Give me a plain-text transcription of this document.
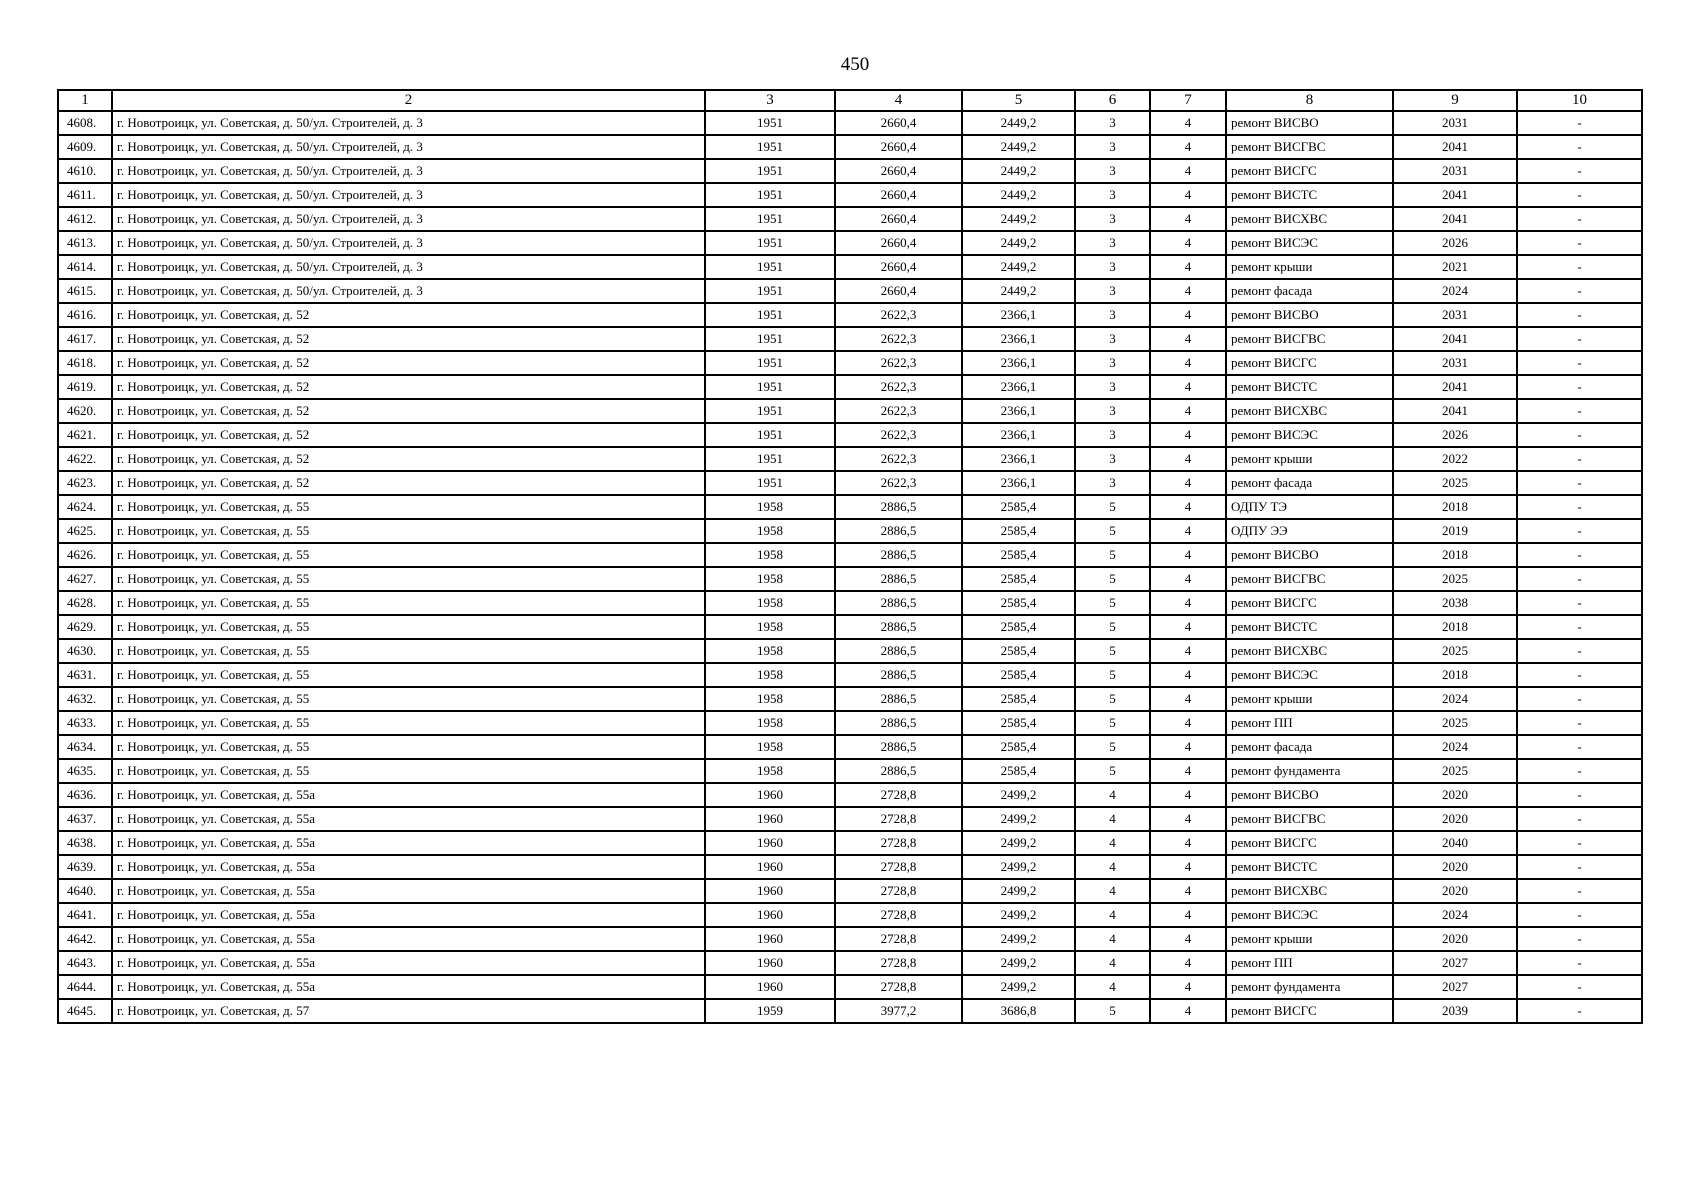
450
1	2	3	4	5	6	7	8	9	10
4608.	г. Новотроицк, ул. Советская, д. 50/ул. Строителей, д. 3	1951	2660,4	2449,2	3	4	ремонт ВИСВО	2031	-
4609.	г. Новотроицк, ул. Советская, д. 50/ул. Строителей, д. 3	1951	2660,4	2449,2	3	4	ремонт ВИСГВС	2041	-
4610.	г. Новотроицк, ул. Советская, д. 50/ул. Строителей, д. 3	1951	2660,4	2449,2	3	4	ремонт ВИСГС	2031	-
4611.	г. Новотроицк, ул. Советская, д. 50/ул. Строителей, д. 3	1951	2660,4	2449,2	3	4	ремонт ВИСТС	2041	-
4612.	г. Новотроицк, ул. Советская, д. 50/ул. Строителей, д. 3	1951	2660,4	2449,2	3	4	ремонт ВИСХВС	2041	-
4613.	г. Новотроицк, ул. Советская, д. 50/ул. Строителей, д. 3	1951	2660,4	2449,2	3	4	ремонт ВИСЭС	2026	-
4614.	г. Новотроицк, ул. Советская, д. 50/ул. Строителей, д. 3	1951	2660,4	2449,2	3	4	ремонт крыши	2021	-
4615.	г. Новотроицк, ул. Советская, д. 50/ул. Строителей, д. 3	1951	2660,4	2449,2	3	4	ремонт фасада	2024	-
4616.	г. Новотроицк, ул. Советская, д. 52	1951	2622,3	2366,1	3	4	ремонт ВИСВО	2031	-
4617.	г. Новотроицк, ул. Советская, д. 52	1951	2622,3	2366,1	3	4	ремонт ВИСГВС	2041	-
4618.	г. Новотроицк, ул. Советская, д. 52	1951	2622,3	2366,1	3	4	ремонт ВИСГС	2031	-
4619.	г. Новотроицк, ул. Советская, д. 52	1951	2622,3	2366,1	3	4	ремонт ВИСТС	2041	-
4620.	г. Новотроицк, ул. Советская, д. 52	1951	2622,3	2366,1	3	4	ремонт ВИСХВС	2041	-
4621.	г. Новотроицк, ул. Советская, д. 52	1951	2622,3	2366,1	3	4	ремонт ВИСЭС	2026	-
4622.	г. Новотроицк, ул. Советская, д. 52	1951	2622,3	2366,1	3	4	ремонт крыши	2022	-
4623.	г. Новотроицк, ул. Советская, д. 52	1951	2622,3	2366,1	3	4	ремонт фасада	2025	-
4624.	г. Новотроицк, ул. Советская, д. 55	1958	2886,5	2585,4	5	4	ОДПУ ТЭ	2018	-
4625.	г. Новотроицк, ул. Советская, д. 55	1958	2886,5	2585,4	5	4	ОДПУ ЭЭ	2019	-
4626.	г. Новотроицк, ул. Советская, д. 55	1958	2886,5	2585,4	5	4	ремонт ВИСВО	2018	-
4627.	г. Новотроицк, ул. Советская, д. 55	1958	2886,5	2585,4	5	4	ремонт ВИСГВС	2025	-
4628.	г. Новотроицк, ул. Советская, д. 55	1958	2886,5	2585,4	5	4	ремонт ВИСГС	2038	-
4629.	г. Новотроицк, ул. Советская, д. 55	1958	2886,5	2585,4	5	4	ремонт ВИСТС	2018	-
4630.	г. Новотроицк, ул. Советская, д. 55	1958	2886,5	2585,4	5	4	ремонт ВИСХВС	2025	-
4631.	г. Новотроицк, ул. Советская, д. 55	1958	2886,5	2585,4	5	4	ремонт ВИСЭС	2018	-
4632.	г. Новотроицк, ул. Советская, д. 55	1958	2886,5	2585,4	5	4	ремонт крыши	2024	-
4633.	г. Новотроицк, ул. Советская, д. 55	1958	2886,5	2585,4	5	4	ремонт ПП	2025	-
4634.	г. Новотроицк, ул. Советская, д. 55	1958	2886,5	2585,4	5	4	ремонт фасада	2024	-
4635.	г. Новотроицк, ул. Советская, д. 55	1958	2886,5	2585,4	5	4	ремонт фундамента	2025	-
4636.	г. Новотроицк, ул. Советская, д. 55а	1960	2728,8	2499,2	4	4	ремонт ВИСВО	2020	-
4637.	г. Новотроицк, ул. Советская, д. 55а	1960	2728,8	2499,2	4	4	ремонт ВИСГВС	2020	-
4638.	г. Новотроицк, ул. Советская, д. 55а	1960	2728,8	2499,2	4	4	ремонт ВИСГС	2040	-
4639.	г. Новотроицк, ул. Советская, д. 55а	1960	2728,8	2499,2	4	4	ремонт ВИСТС	2020	-
4640.	г. Новотроицк, ул. Советская, д. 55а	1960	2728,8	2499,2	4	4	ремонт ВИСХВС	2020	-
4641.	г. Новотроицк, ул. Советская, д. 55а	1960	2728,8	2499,2	4	4	ремонт ВИСЭС	2024	-
4642.	г. Новотроицк, ул. Советская, д. 55а	1960	2728,8	2499,2	4	4	ремонт крыши	2020	-
4643.	г. Новотроицк, ул. Советская, д. 55а	1960	2728,8	2499,2	4	4	ремонт ПП	2027	-
4644.	г. Новотроицк, ул. Советская, д. 55а	1960	2728,8	2499,2	4	4	ремонт фундамента	2027	-
4645.	г. Новотроицк, ул. Советская, д. 57	1959	3977,2	3686,8	5	4	ремонт ВИСГС	2039	-
